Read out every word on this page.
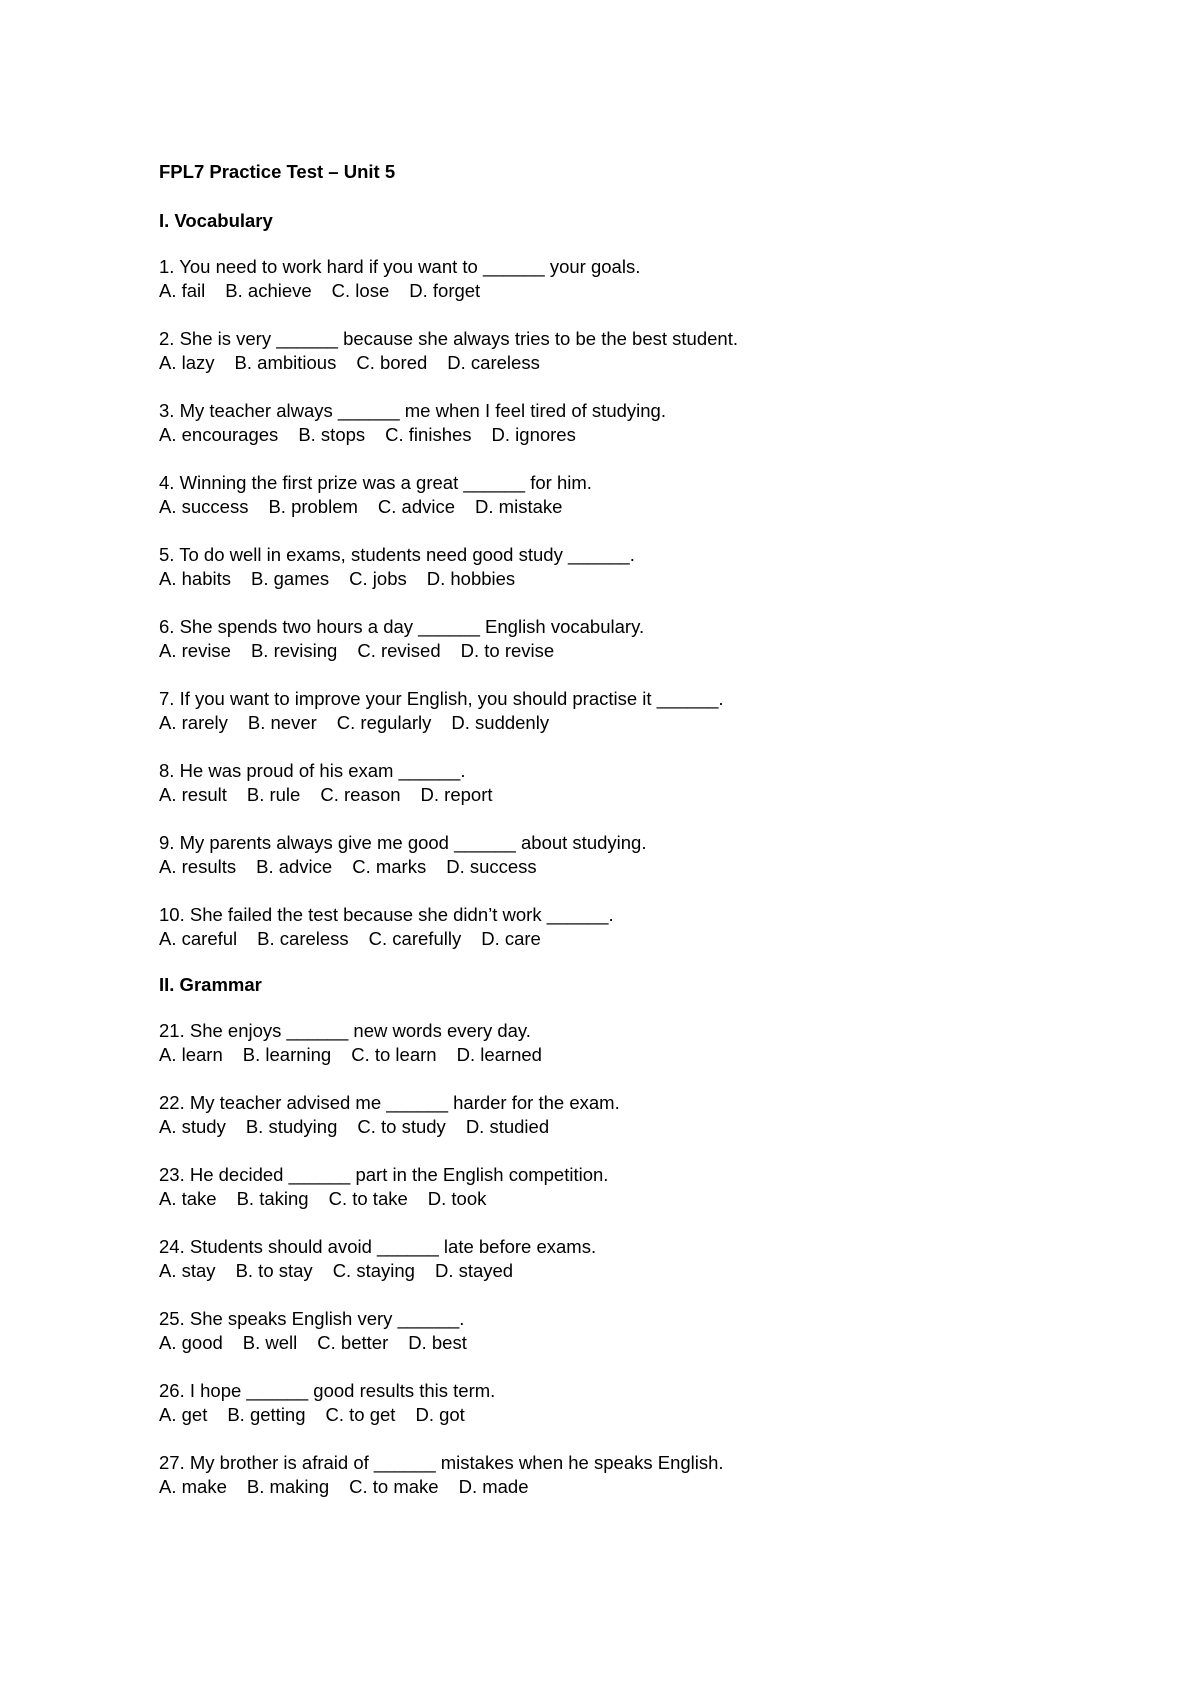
FPL7 Practice Test – Unit 5
I. Vocabulary
1. You need to work hard if you want to ______ your goals.
A. fail B. achieve C. lose D. forget
2. She is very ______ because she always tries to be the best student.
A. lazy B. ambitious C. bored D. careless
3. My teacher always ______ me when I feel tired of studying.
A. encourages B. stops C. finishes D. ignores
4. Winning the first prize was a great ______ for him.
A. success B. problem C. advice D. mistake
5. To do well in exams, students need good study ______.
A. habits B. games C. jobs D. hobbies
6. She spends two hours a day ______ English vocabulary.
A. revise B. revising C. revised D. to revise
7. If you want to improve your English, you should practise it ______.
A. rarely B. never C. regularly D. suddenly
8. He was proud of his exam ______.
A. result B. rule C. reason D. report
9. My parents always give me good ______ about studying.
A. results B. advice C. marks D. success
10. She failed the test because she didn’t work ______.
A. careful B. careless C. carefully D. care
II. Grammar
21. She enjoys ______ new words every day.
A. learn B. learning C. to learn D. learned
22. My teacher advised me ______ harder for the exam.
A. study B. studying C. to study D. studied
23. He decided ______ part in the English competition.
A. take B. taking C. to take D. took
24. Students should avoid ______ late before exams.
A. stay B. to stay C. staying D. stayed
25. She speaks English very ______.
A. good B. well C. better D. best
26. I hope ______ good results this term.
A. get B. getting C. to get D. got
27. My brother is afraid of ______ mistakes when he speaks English.
A. make B. making C. to make D. made
